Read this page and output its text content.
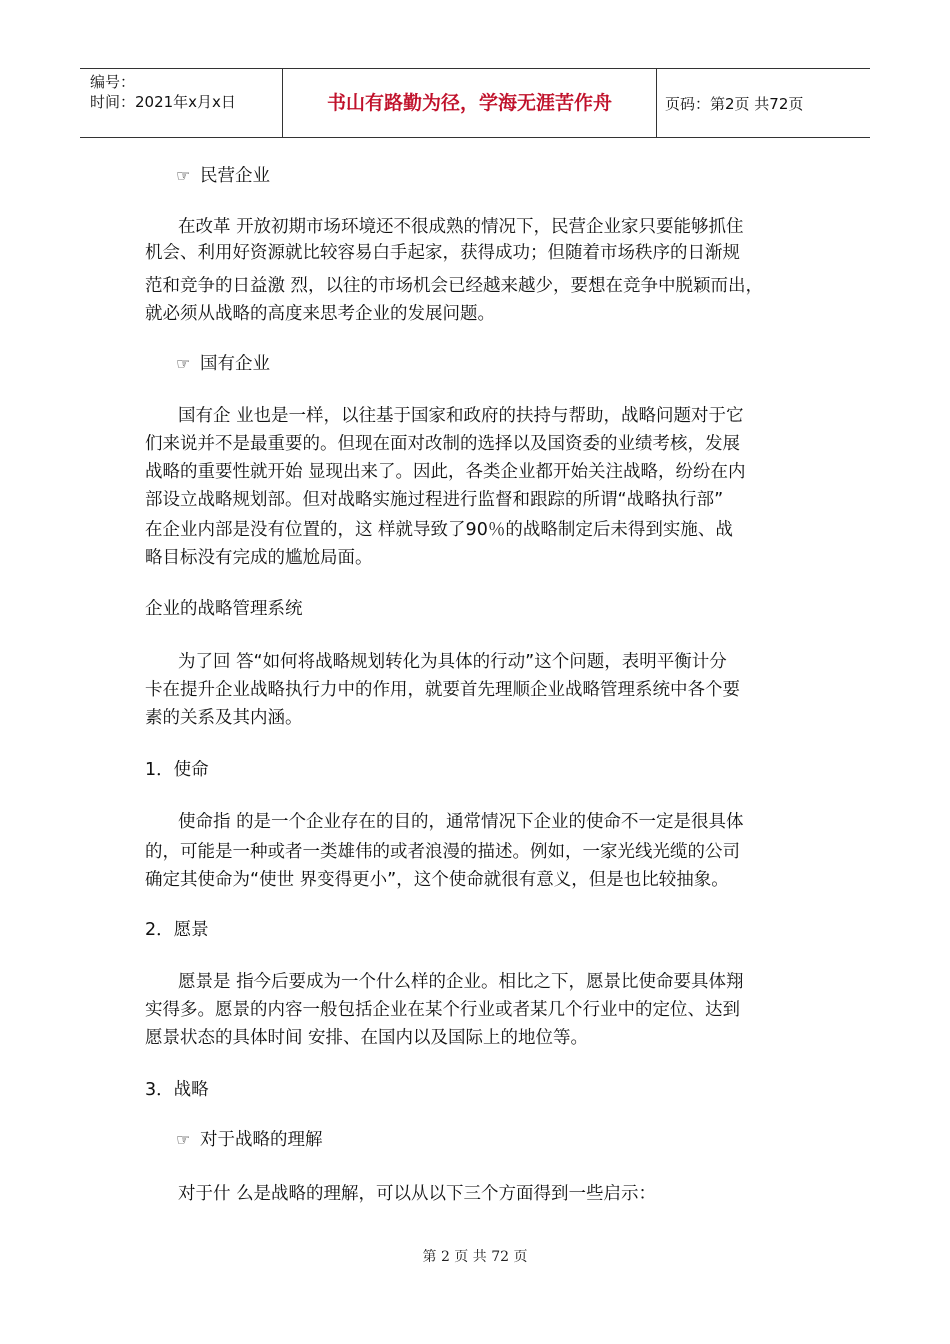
编号：
时间：2021年x月x日	书山有路勤为径，学海无涯苦作舟	页码：第2页 共72页
☞ 民营企业
在改革 开放初期市场环境还不很成熟的情况下，民营企业家只要能够抓住
机会、利用好资源就比较容易白手起家，获得成功；但随着市场秩序的日渐规
范和竞争的日益激 烈，以往的市场机会已经越来越少，要想在竞争中脱颖而出，
就必须从战略的高度来思考企业的发展问题。
☞ 国有企业
国有企 业也是一样，以往基于国家和政府的扶持与帮助，战略问题对于它
们来说并不是最重要的。但现在面对改制的选择以及国资委的业绩考核，发展
战略的重要性就开始 显现出来了。因此，各类企业都开始关注战略，纷纷在内
部设立战略规划部。但对战略实施过程进行监督和跟踪的所谓“战略执行部”
在企业内部是没有位置的，这 样就导致了90％的战略制定后未得到实施、战
略目标没有完成的尴尬局面。
企业的战略管理系统
为了回 答“如何将战略规划转化为具体的行动”这个问题，表明平衡计分
卡在提升企业战略执行力中的作用，就要首先理顺企业战略管理系统中各个要
素的关系及其内涵。
1．使命
使命指 的是一个企业存在的目的，通常情况下企业的使命不一定是很具体
的，可能是一种或者一类雄伟的或者浪漫的描述。例如，一家光线光缆的公司
确定其使命为“使世 界变得更小”，这个使命就很有意义，但是也比较抽象。
2．愿景
愿景是 指今后要成为一个什么样的企业。相比之下，愿景比使命要具体翔
实得多。愿景的内容一般包括企业在某个行业或者某几个行业中的定位、达到
愿景状态的具体时间 安排、在国内以及国际上的地位等。
3．战略
☞ 对于战略的理解
对于什 么是战略的理解，可以从以下三个方面得到一些启示：
第 2 页 共 72 页
